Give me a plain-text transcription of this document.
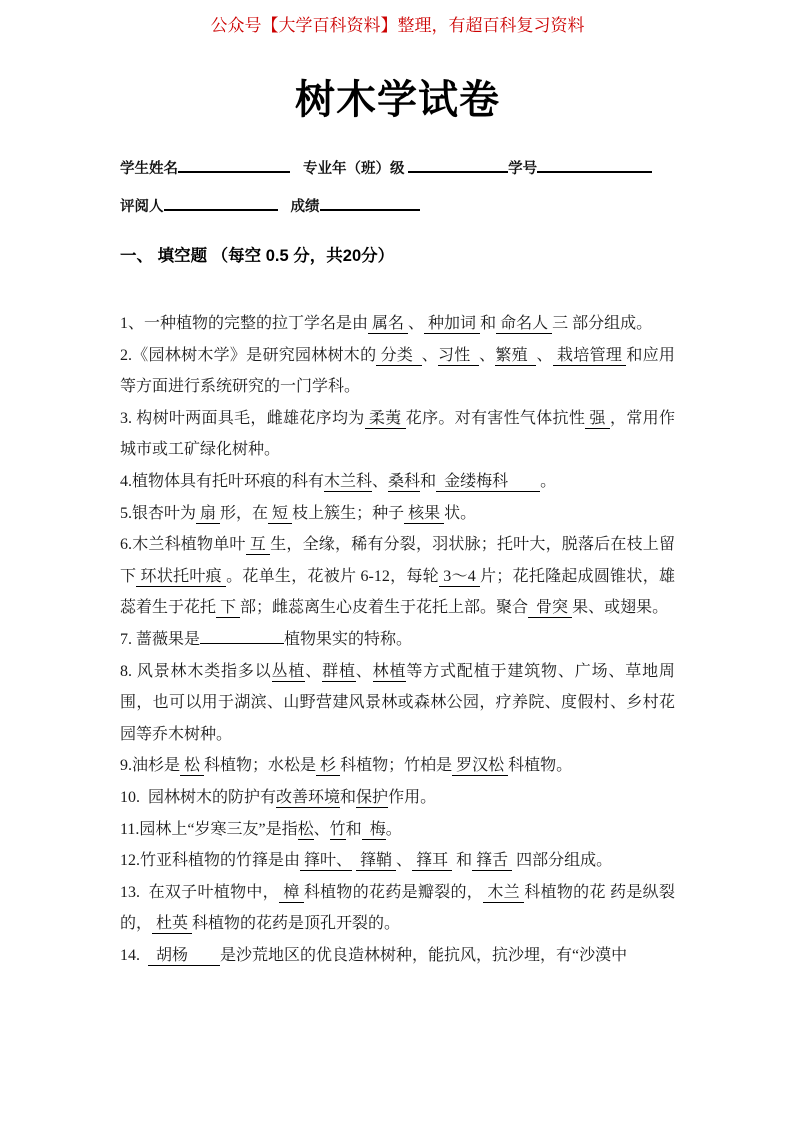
公众号【大学百科资料】整理，有超百科复习资料
树木学试卷
学生姓名	专业年（班）级	学号
评阅人	成绩
一、 填空题 （每空 0.5 分，共20分）

1、一种植物的完整的拉丁学名是由 属名 、 种加词 和 命名人 三 部分组成。

2.《园林树木学》是研究园林树木的 分类  、习性  、繁殖  、 栽培管理 和应用等方面进行系统研究的一门学科。

3. 构树叶两面具毛，雌雄花序均为 柔荑 花序。对有害性气体抗性 强 ，常用作城市或工矿绿化树种。

4.植物体具有托叶环痕的科有木兰科、桑科和  金缕梅科        。

5.银杏叶为 扇 形，在 短 枝上簇生；种子 核果 状。

6.木兰科植物单叶 互 生，全缘，稀有分裂，羽状脉；托叶大，脱落后在枝上留下 环状托叶痕 。花单生，花被片 6-12，每轮 3～4 片；花托隆起成圆锥状，雄蕊着生于花托 下 部；雌蕊离生心皮着生于花托上部。聚合  骨突 果、或翅果。

7. 蔷薇果是	植物果实的特称。

8. 风景林木类指多以丛植、群植、林植等方式配植于建筑物、广场、草地周围，也可以用于湖滨、山野营建风景林或森林公园，疗养院、度假村、乡村花园等乔木树种。

9.油杉是 松 科植物；水松是 杉 科植物；竹柏是 罗汉松 科植物。

10.  园林树木的防护有改善环境和保护作用。

11.园林上“岁寒三友”是指松、竹和  梅。

12.竹亚科植物的竹箨是由 箨叶、  箨鞘 、 箨耳  和 箨舌  四部分组成。

13.  在双子叶植物中， 樟 科植物的花药是瓣裂的， 木兰 科植物的花 药是纵裂的， 杜英 科植物的花药是顶孔开裂的。

14.    胡杨        是沙荒地区的优良造林树种，能抗风，抗沙埋，有“沙漠中
